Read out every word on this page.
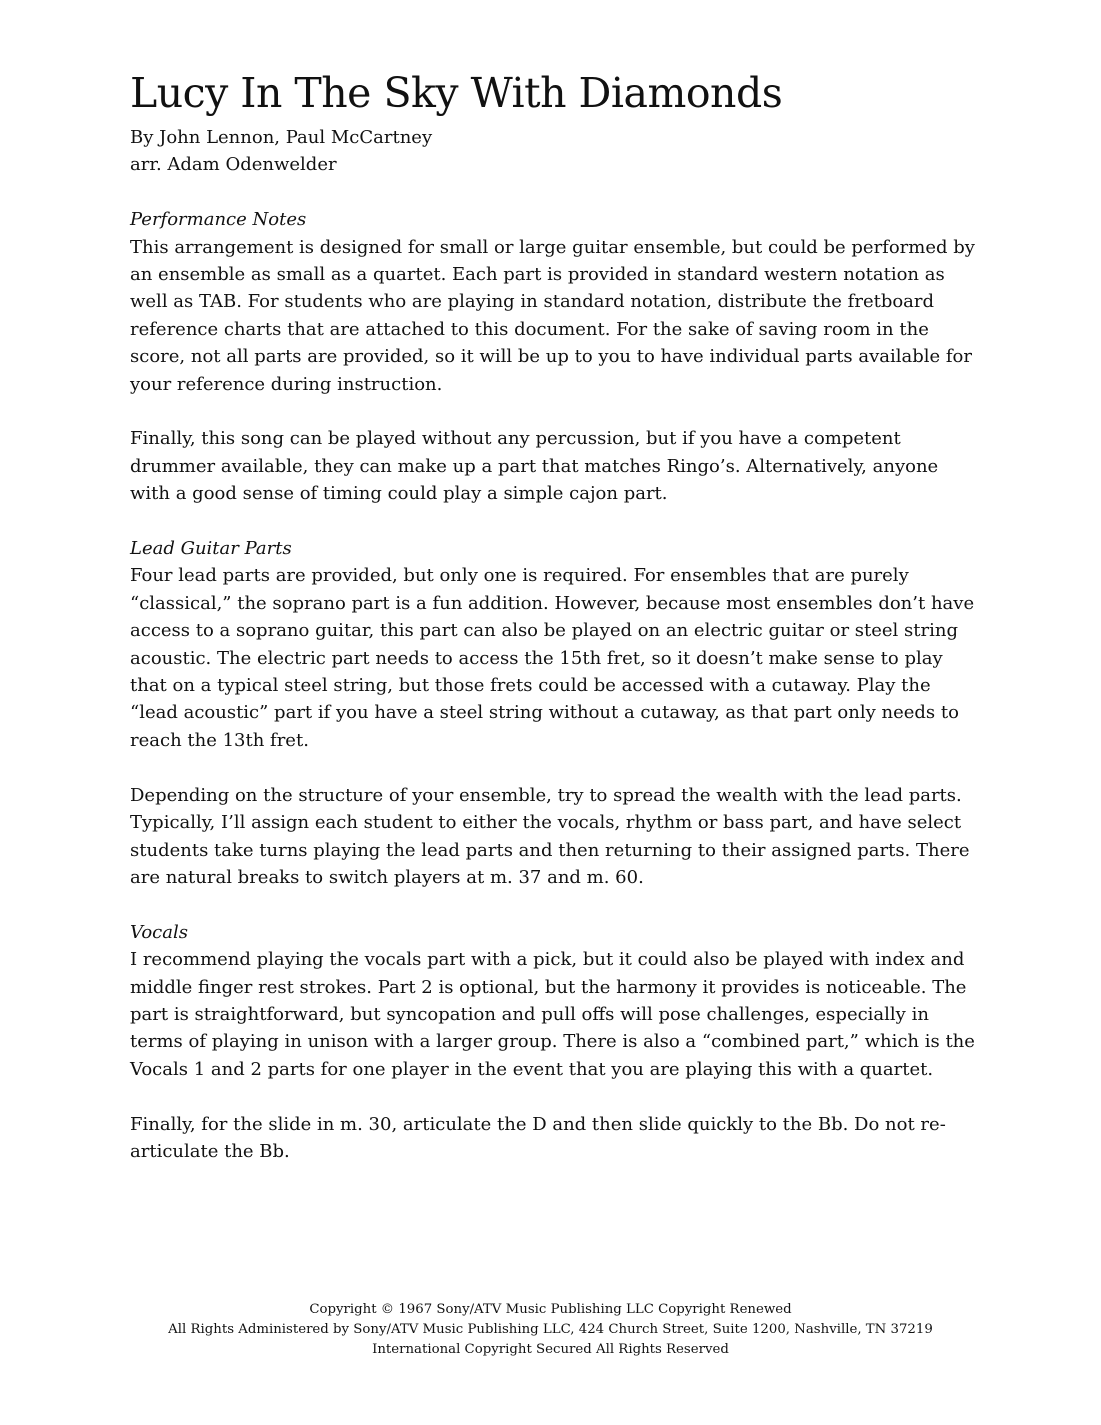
Lucy In The Sky With Diamonds

By John Lennon, Paul McCartney

arr. Adam Odenwelder

Performance Notes

This arrangement is designed for small or large guitar ensemble, but could be performed by an ensemble as small as a quartet. Each part is provided in standard western notation as well as TAB. For students who are playing in standard notation, distribute the fretboard reference charts that are attached to this document. For the sake of saving room in the score, not all parts are provided, so it will be up to you to have individual parts available for your reference during instruction.

Finally, this song can be played without any percussion, but if you have a competent drummer available, they can make up a part that matches Ringo’s. Alternatively, anyone with a good sense of timing could play a simple cajon part.

Lead Guitar Parts

Four lead parts are provided, but only one is required. For ensembles that are purely “classical,” the soprano part is a fun addition. However, because most ensembles don’t have access to a soprano guitar, this part can also be played on an electric guitar or steel string acoustic. The electric part needs to access the 15th fret, so it doesn’t make sense to play that on a typical steel string, but those frets could be accessed with a cutaway. Play the “lead acoustic” part if you have a steel string without a cutaway, as that part only needs to reach the 13th fret.

Depending on the structure of your ensemble, try to spread the wealth with the lead parts. Typically, I’ll assign each student to either the vocals, rhythm or bass part, and have select students take turns playing the lead parts and then returning to their assigned parts. There are natural breaks to switch players at m. 37 and m. 60.

Vocals

I recommend playing the vocals part with a pick, but it could also be played with index and middle finger rest strokes. Part 2 is optional, but the harmony it provides is noticeable. The part is straightforward, but syncopation and pull offs will pose challenges, especially in terms of playing in unison with a larger group. There is also a “combined part,” which is the Vocals 1 and 2 parts for one player in the event that you are playing this with a quartet.

Finally, for the slide in m. 30, articulate the D and then slide quickly to the Bb. Do not re-articulate the Bb.

Copyright © 1967 Sony/ATV Music Publishing LLC Copyright Renewed
All Rights Administered by Sony/ATV Music Publishing LLC, 424 Church Street, Suite 1200, Nashville, TN 37219
International Copyright Secured All Rights Reserved
